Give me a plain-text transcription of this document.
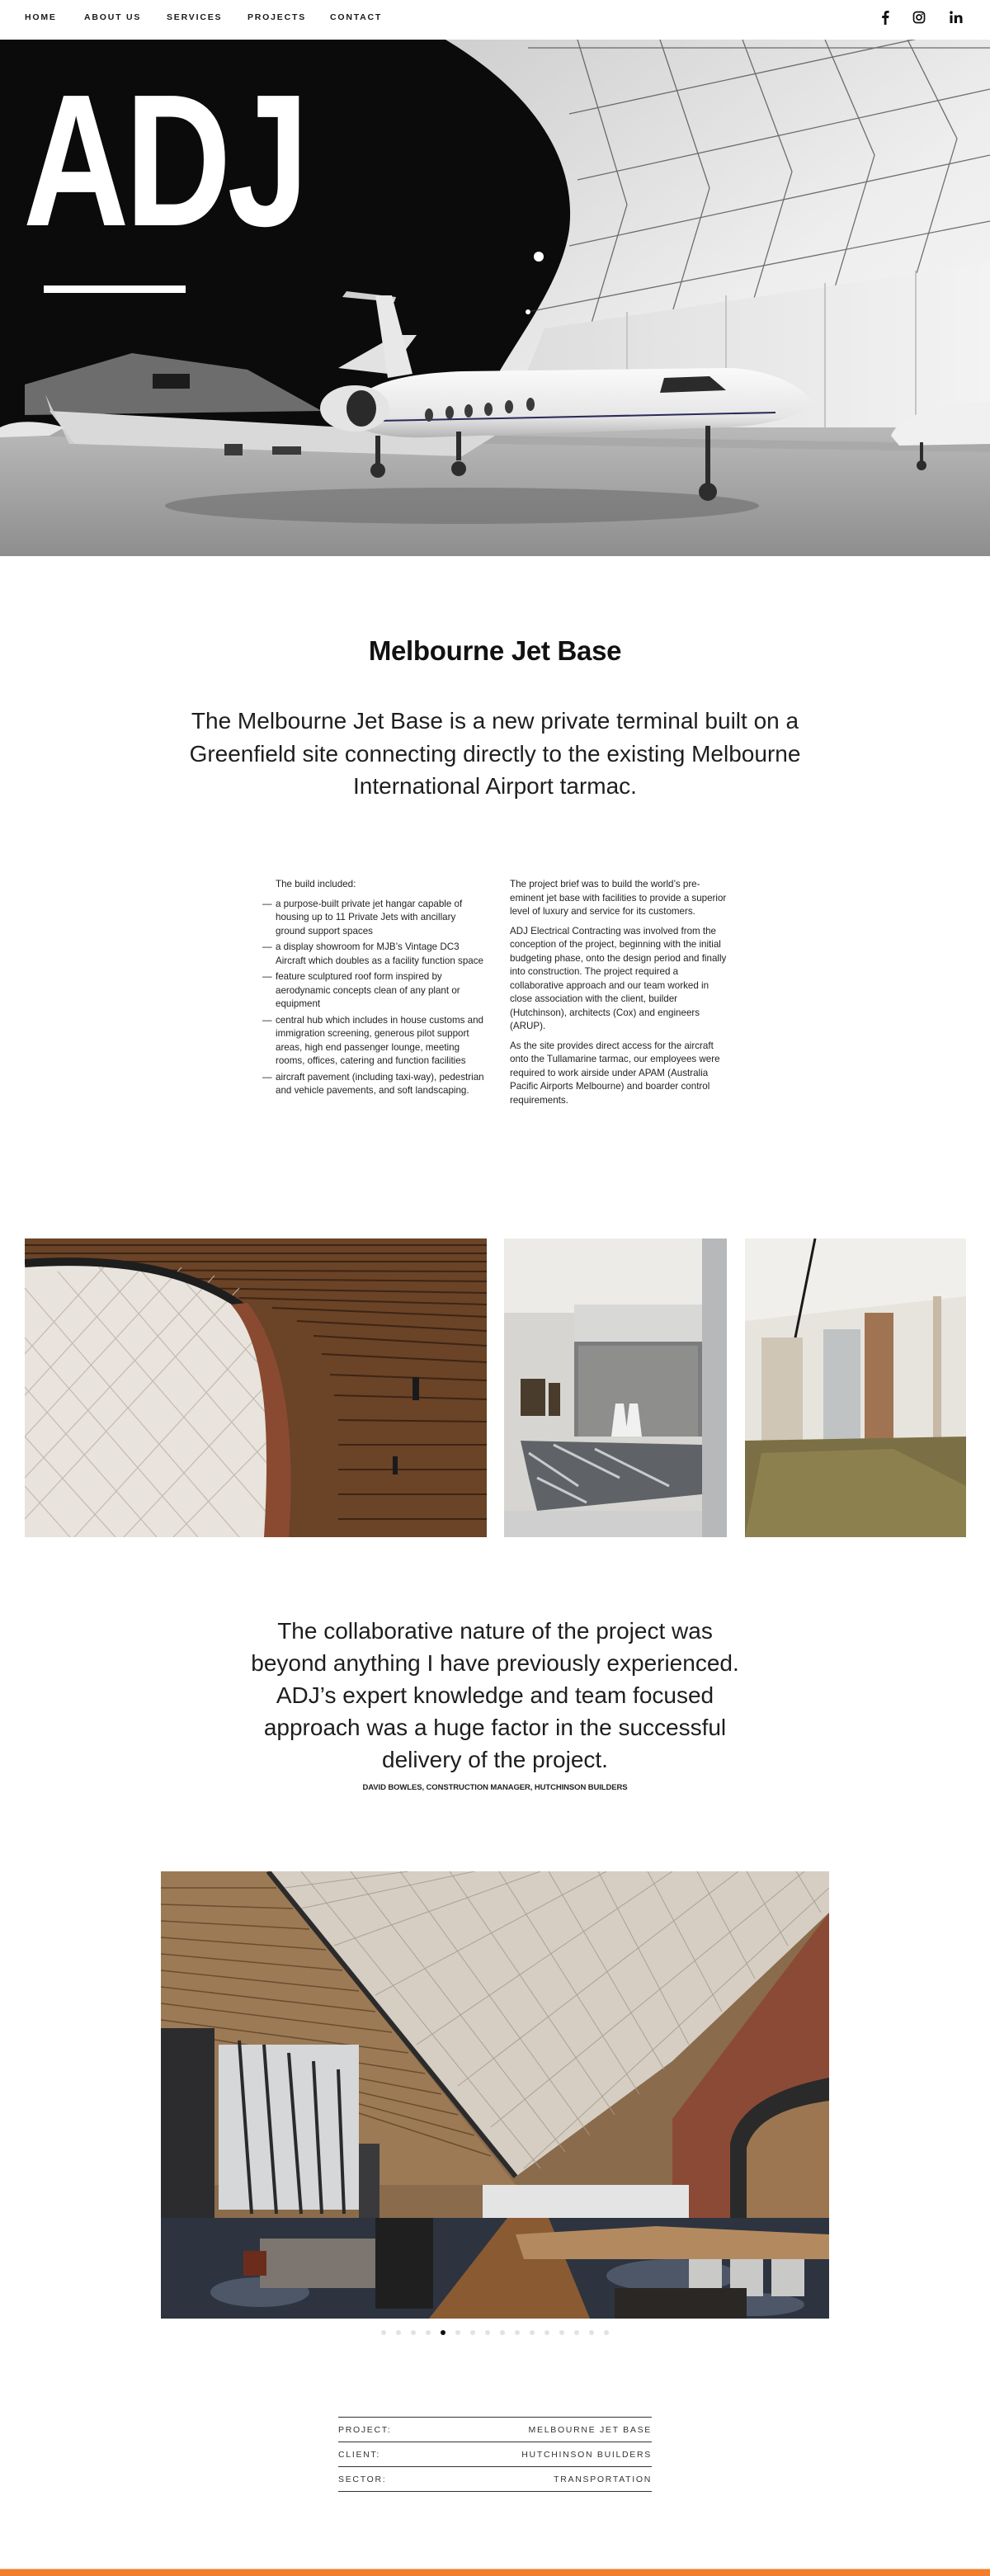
HOME	ABOUT US	SERVICES	PROJECTS	CONTACT
ADJ
Melbourne Jet Base

The Melbourne Jet Base is a new private terminal built on a Greenfield site connecting directly to the existing Melbourne International Airport tarmac.

The build included:

— a purpose-built private jet hangar capable of housing up to 11 Private Jets with ancillary ground support spaces
— a display showroom for MJB’s Vintage DC3 Aircraft which doubles as a facility function space
— feature sculptured roof form inspired by aerodynamic concepts clean of any plant or equipment
— central hub which includes in house customs and immigration screening, generous pilot support areas, high end passenger lounge, meeting rooms, offices, catering and function facilities
— aircraft pavement (including taxi-way), pedestrian and vehicle pavements, and soft landscaping.

The project brief was to build the world’s pre-eminent jet base with facilities to provide a superior level of luxury and service for its customers.

ADJ Electrical Contracting was involved from the conception of the project, beginning with the initial budgeting phase, onto the design period and finally into construction. The project required a collaborative approach and our team worked in close association with the client, builder (Hutchinson), architects (Cox) and engineers (ARUP).

As the site provides direct access for the aircraft onto the Tullamarine tarmac, our employees were required to work airside under APAM (Australia Pacific Airports Melbourne) and boarder control requirements.

The collaborative nature of the project was beyond anything I have previously experienced. ADJ’s expert knowledge and team focused approach was a huge factor in the successful delivery of the project.
DAVID BOWLES, CONSTRUCTION MANAGER, HUTCHINSON BUILDERS
PROJECT:	MELBOURNE JET BASE
CLIENT:	HUTCHINSON BUILDERS
SECTOR:	TRANSPORTATION
